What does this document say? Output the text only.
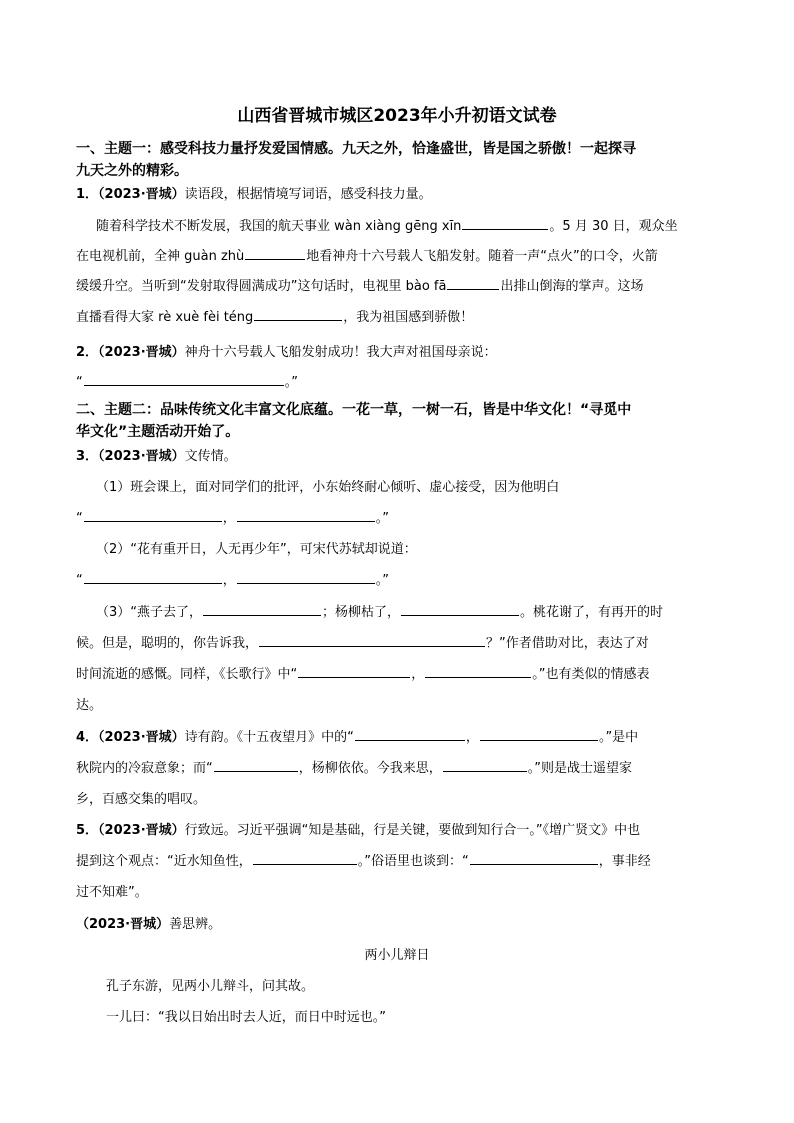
山西省晋城市城区2023年小升初语文试卷
一、主题一：感受科技力量抒发爱国情感。九天之外，恰逢盛世，皆是国之骄傲！一起探寻
九天之外的精彩。
1．（2023·晋城）读语段，根据情境写词语，感受科技力量。
随着科学技术不断发展，我国的航天事业 wàn xiàng gēng xīn	。5 月 30 日，观众坐
在电视机前，全神 guàn zhù	地看神舟十六号载人飞船发射。随着一声“点火”的口令，火箭
缓缓升空。当听到“发射取得圆满成功”这句话时，电视里 bào fā	出排山倒海的掌声。这场
直播看得大家 rè xuè fèi téng	，我为祖国感到骄傲！
2．（2023·晋城）神舟十六号载人飞船发射成功！我大声对祖国母亲说：
“	。”
二、主题二：品味传统文化丰富文化底蕴。一花一草，一树一石，皆是中华文化！“寻觅中
华文化”主题活动开始了。
3．（2023·晋城）文传情。
（1）班会课上，面对同学们的批评，小东始终耐心倾听、虚心接受，因为他明白
“	，	。”
（2）“花有重开日，人无再少年”，可宋代苏轼却说道：
“	，	。”
（3）“燕子去了，	；杨柳枯了，	。桃花谢了，有再开的时
候。但是，聪明的，你告诉我，	？”作者借助对比，表达了对
时间流逝的感慨。同样，《长歌行》中“	，	。”也有类似的情感表
达。
4．（2023·晋城）诗有韵。《十五夜望月》中的“	，	。”是中
秋院内的冷寂意象；而“	，杨柳依依。今我来思，	。”则是战士遥望家
乡，百感交集的唱叹。
5．（2023·晋城）行致远。习近平强调“知是基础，行是关键，要做到知行合一。”《增广贤文》中也
提到这个观点：“近水知鱼性，	。”俗语里也谈到：“	，事非经
过不知难”。
（2023·晋城）善思辨。
两小儿辩日
孔子东游，见两小儿辩斗，问其故。
一儿曰：“我以日始出时去人近，而日中时远也。”
